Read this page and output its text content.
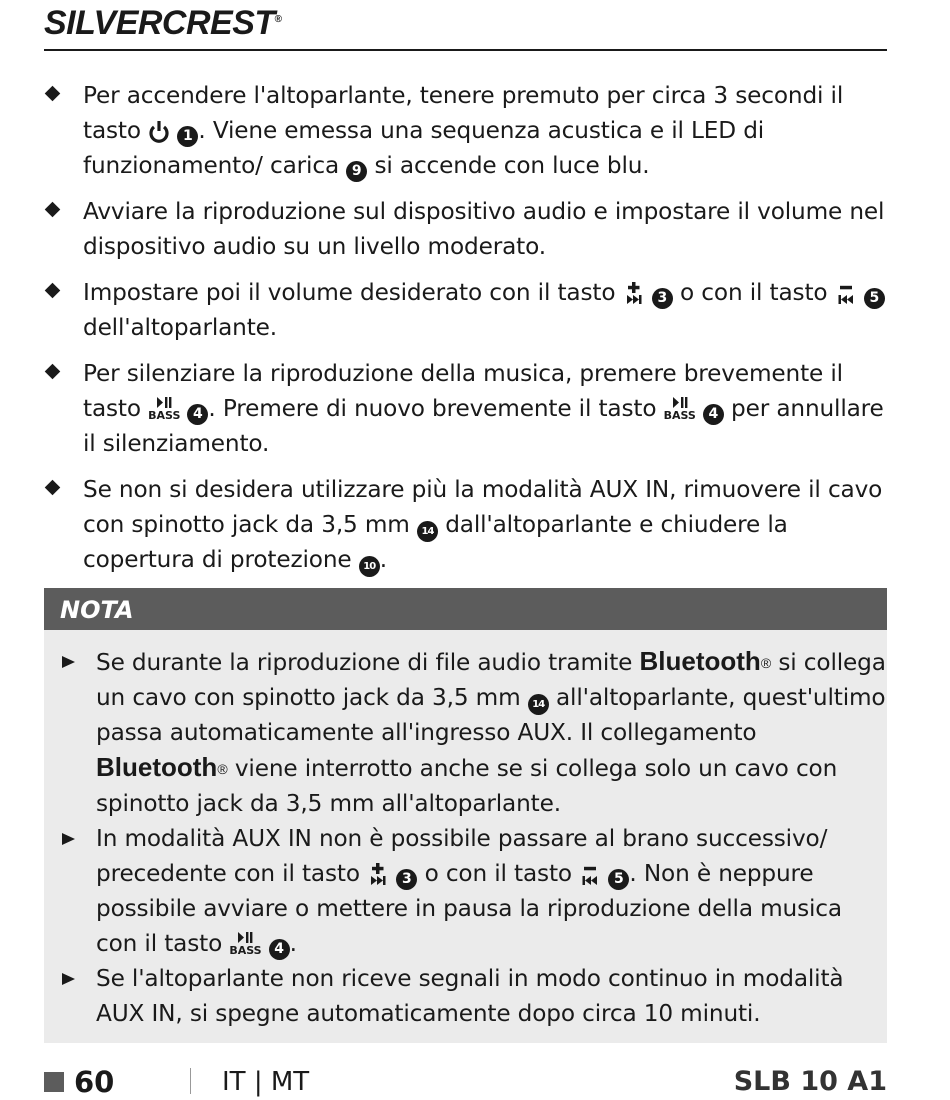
SILVERCREST®
Per accendere l'altoparlante, tenere premuto per circa 3 secondi il tasto  1 . Viene emessa una sequenza acustica e il LED di funzionamento/ carica 9 si accende con luce blu.
Avviare la riproduzione sul dispositivo audio e impostare il volume nel dispositivo audio su un livello moderato.
Impostare poi il volume desiderato con il tasto  3 o con il tasto  5 dell'altoparlante.
Per silenziare la riproduzione della musica, premere brevemente il tasto BASS 4 . Premere di nuovo brevemente il tasto BASS 4 per annullare il silenziamento.
Se non si desidera utilizzare più la modalità AUX IN, rimuovere il cavo con spinotto jack da 3,5 mm 14 dall'altoparlante e chiudere la copertura di protezione 10 .
NOTA
Se durante la riproduzione di file audio tramite Bluetooth® si collega un cavo con spinotto jack da 3,5 mm 14 all'altoparlante, quest'ultimo passa automaticamente all'ingresso AUX. Il collegamento Bluetooth® viene interrotto anche se si collega solo un cavo con spinotto jack da 3,5 mm all'altoparlante.
In modalità AUX IN non è possibile passare al brano successivo/ precedente con il tasto  3 o con il tasto  5 . Non è neppure possibile avviare o mettere in pausa la riproduzione della musica con il tasto BASS 4 .
Se l'altoparlante non riceve segnali in modo continuo in modalità AUX IN, si spegne automaticamente dopo circa 10 minuti.
60	IT | MT	SLB 10 A1
